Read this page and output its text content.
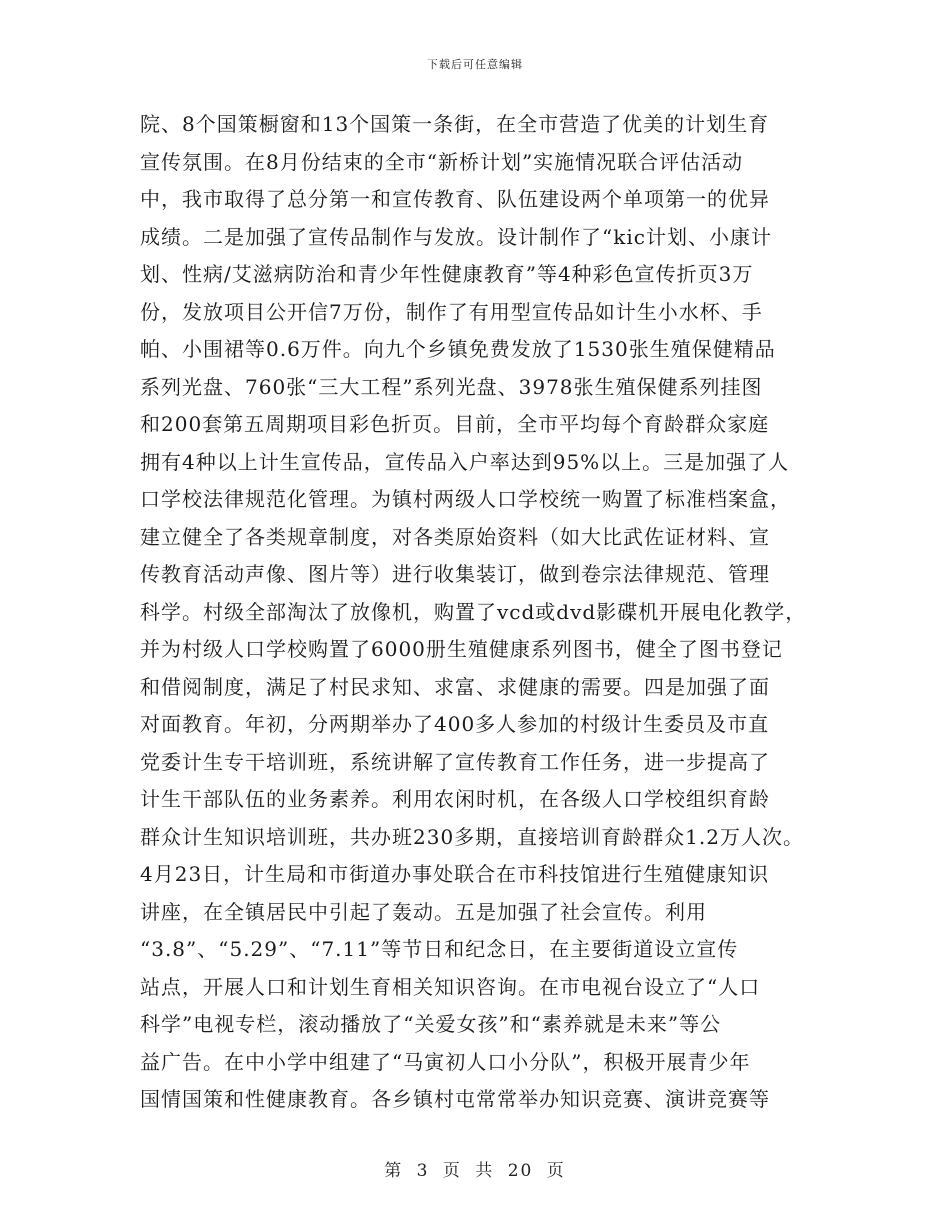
下载后可任意编辑
院、8个国策橱窗和13个国策一条街，在全市营造了优美的计划生育
宣传氛围。在8月份结束的全市“新桥计划”实施情况联合评估活动
中，我市取得了总分第一和宣传教育、队伍建设两个单项第一的优异
成绩。二是加强了宣传品制作与发放。设计制作了“kic计划、小康计
划、性病/艾滋病防治和青少年性健康教育”等4种彩色宣传折页3万
份，发放项目公开信7万份，制作了有用型宣传品如计生小水杯、手
帕、小围裙等0.6万件。向九个乡镇免费发放了1530张生殖保健精品
系列光盘、760张“三大工程”系列光盘、3978张生殖保健系列挂图
和200套第五周期项目彩色折页。目前，全市平均每个育龄群众家庭
拥有4种以上计生宣传品，宣传品入户率达到95%以上。三是加强了人
口学校法律规范化管理。为镇村两级人口学校统一购置了标准档案盒，
建立健全了各类规章制度，对各类原始资料（如大比武佐证材料、宣
传教育活动声像、图片等）进行收集装订，做到卷宗法律规范、管理
科学。村级全部淘汰了放像机，购置了vcd或dvd影碟机开展电化教学，
并为村级人口学校购置了6000册生殖健康系列图书，健全了图书登记
和借阅制度，满足了村民求知、求富、求健康的需要。四是加强了面
对面教育。年初，分两期举办了400多人参加的村级计生委员及市直
党委计生专干培训班，系统讲解了宣传教育工作任务，进一步提高了
计生干部队伍的业务素养。利用农闲时机，在各级人口学校组织育龄
群众计生知识培训班，共办班230多期，直接培训育龄群众1.2万人次。
4月23日，计生局和市街道办事处联合在市科技馆进行生殖健康知识
讲座，在全镇居民中引起了轰动。五是加强了社会宣传。利用
“3.8”、“5.29”、“7.11”等节日和纪念日，在主要街道设立宣传
站点，开展人口和计划生育相关知识咨询。在市电视台设立了“人口
科学”电视专栏，滚动播放了“关爱女孩”和“素养就是未来”等公
益广告。在中小学中组建了“马寅初人口小分队”，积极开展青少年
国情国策和性健康教育。各乡镇村屯常常举办知识竞赛、演讲竞赛等
第 3 页 共 20 页
